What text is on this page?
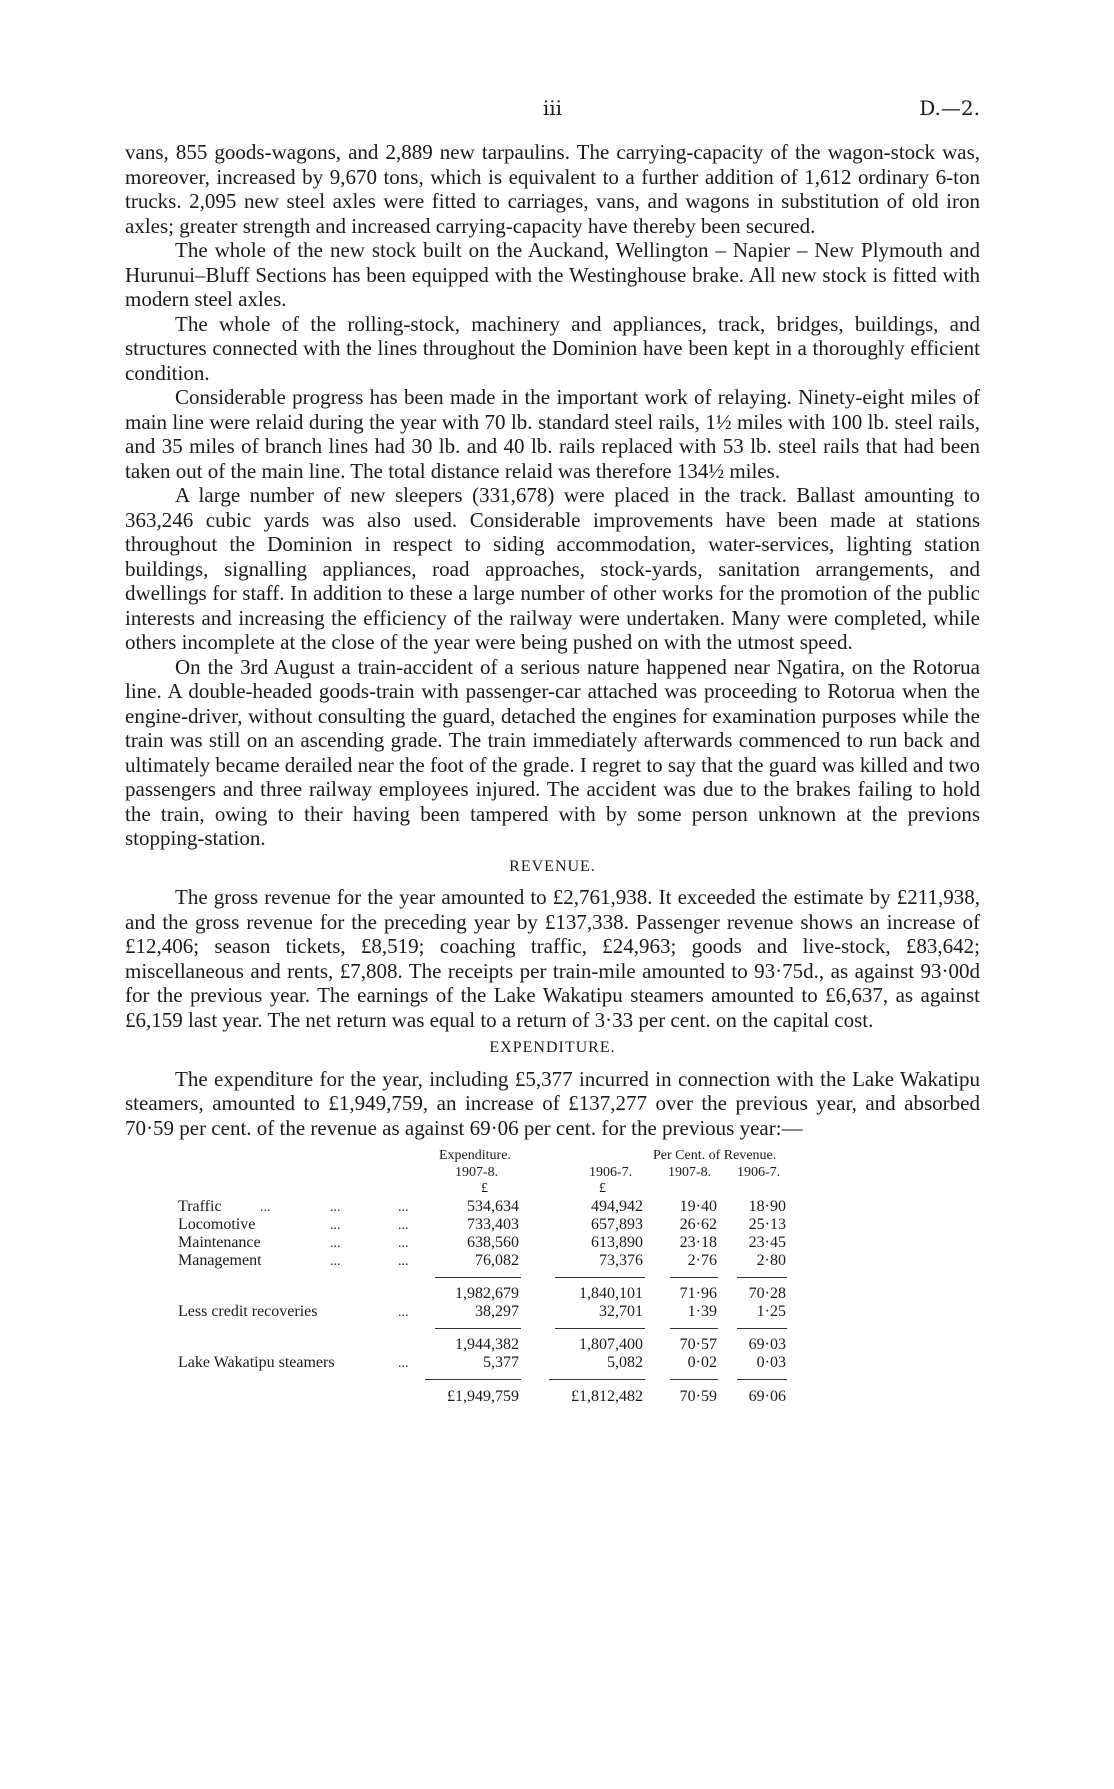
iii	D.—2.

vans, 855 goods-wagons, and 2,889 new tarpaulins. The carrying-capacity of the wagon-stock was, moreover, increased by 9,670 tons, which is equivalent to a further addition of 1,612 ordinary 6-ton trucks. 2,095 new steel axles were fitted to carriages, vans, and wagons in substitution of old iron axles; greater strength and increased carrying-capacity have thereby been secured.

The whole of the new stock built on the Auckand, Wellington – Napier – New Plymouth and Hurunui–Bluff Sections has been equipped with the Westinghouse brake. All new stock is fitted with modern steel axles.

The whole of the rolling-stock, machinery and appliances, track, bridges, buildings, and structures connected with the lines throughout the Dominion have been kept in a thoroughly efficient condition.

Considerable progress has been made in the important work of relaying. Ninety-eight miles of main line were relaid during the year with 70 lb. standard steel rails, 1½ miles with 100 lb. steel rails, and 35 miles of branch lines had 30 lb. and 40 lb. rails replaced with 53 lb. steel rails that had been taken out of the main line. The total distance relaid was therefore 134½ miles.

A large number of new sleepers (331,678) were placed in the track. Ballast amounting to 363,246 cubic yards was also used. Considerable improvements have been made at stations throughout the Dominion in respect to siding accommodation, water-services, lighting station buildings, signalling appliances, road approaches, stock-yards, sanitation arrangements, and dwellings for staff. In addition to these a large number of other works for the promotion of the public interests and increasing the efficiency of the railway were undertaken. Many were completed, while others incomplete at the close of the year were being pushed on with the utmost speed.

On the 3rd August a train-accident of a serious nature happened near Ngatira, on the Rotorua line. A double-headed goods-train with passenger-car attached was proceeding to Rotorua when the engine-driver, without consulting the guard, detached the engines for examination purposes while the train was still on an ascending grade. The train immediately afterwards commenced to run back and ultimately became derailed near the foot of the grade. I regret to say that the guard was killed and two passengers and three railway employees injured. The accident was due to the brakes failing to hold the train, owing to their having been tampered with by some person unknown at the previons stopping-station.

REVENUE.

The gross revenue for the year amounted to £2,761,938. It exceeded the estimate by £211,938, and the gross revenue for the preceding year by £137,338. Passenger revenue shows an increase of £12,406; season tickets, £8,519; coaching traffic, £24,963; goods and live-stock, £83,642; miscellaneous and rents, £7,808. The receipts per train-mile amounted to 93·75d., as against 93·00d for the previous year. The earnings of the Lake Wakatipu steamers amounted to £6,637, as against £6,159 last year. The net return was equal to a return of 3·33 per cent. on the capital cost.

EXPENDITURE.

The expenditure for the year, including £5,377 incurred in connection with the Lake Wakatipu steamers, amounted to £1,949,759, an increase of £137,277 over the previous year, and absorbed 70·59 per cent. of the revenue as against 69·06 per cent. for the previous year:—

Expenditure.	Per Cent. of Revenue.
1907-8.	1906-7.	1907-8. 1906-7.
£	£
Traffic	...	...	...	534,634	494,942	19·40	18·90
Locomotive	...	...	733,403	657,893	26·62	25·13
Maintenance	...	...	638,560	613,890	23·18	23·45
Management	...	...	76,082	73,376	2·76	2·80
1,982,679	1,840,101	71·96	70·28
Less credit recoveries	...	38,297	32,701	1·39	1·25
1,944,382	1,807,400	70·57	69·03
Lake Wakatipu steamers	...	5,377	5,082	0·02	0·03
£1,949,759	£1,812,482	70·59	69·06
